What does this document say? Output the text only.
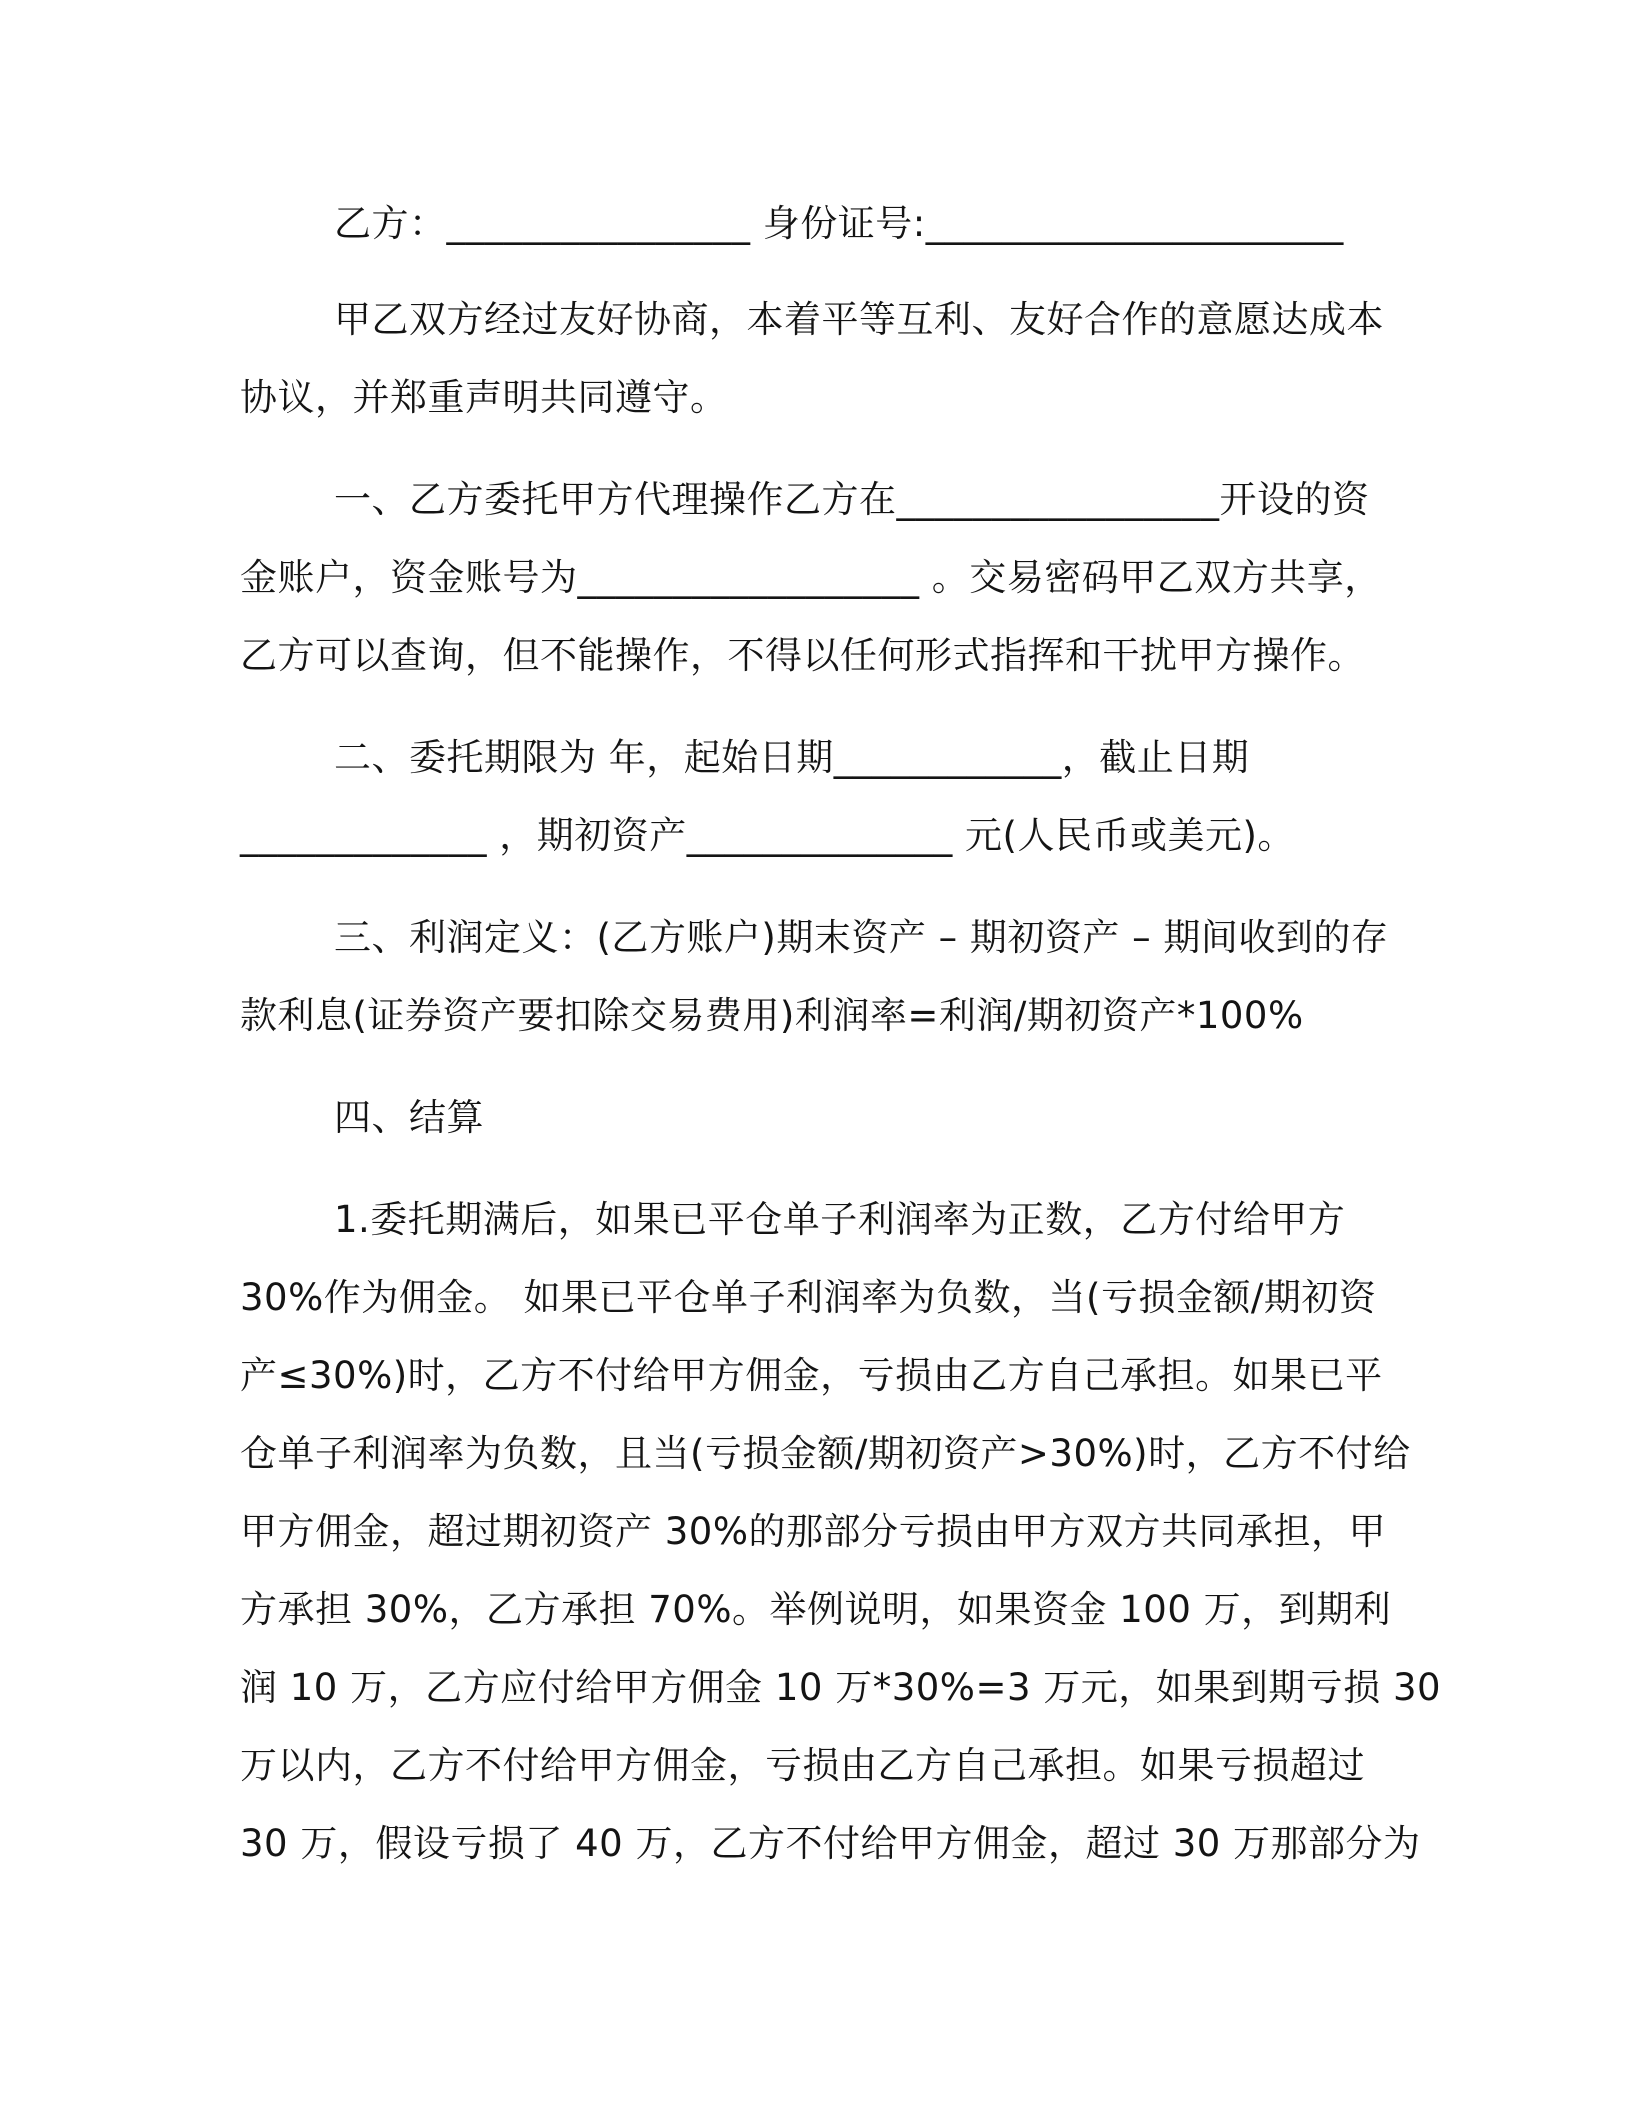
乙方：________________ 身份证号:______________________
甲乙双方经过友好协商，本着平等互利、友好合作的意愿达成本
协议，并郑重声明共同遵守。
一、乙方委托甲方代理操作乙方在_________________开设的资
金账户，资金账号为__________________ 。交易密码甲乙双方共享，
乙方可以查询，但不能操作，不得以任何形式指挥和干扰甲方操作。
二、委托期限为 年，起始日期____________，截止日期
_____________ ，期初资产______________ 元(人民币或美元)。
三、利润定义：(乙方账户)期末资产 – 期初资产 – 期间收到的存
款利息(证券资产要扣除交易费用)利润率=利润/期初资产*100%
四、结算
1.委托期满后，如果已平仓单子利润率为正数，乙方付给甲方
30%作为佣金。 如果已平仓单子利润率为负数，当(亏损金额/期初资
产≤30%)时，乙方不付给甲方佣金，亏损由乙方自己承担。如果已平
仓单子利润率为负数，且当(亏损金额/期初资产>30%)时，乙方不付给
甲方佣金，超过期初资产 30%的那部分亏损由甲方双方共同承担，甲
方承担 30%，乙方承担 70%。举例说明，如果资金 100 万，到期利
润 10 万，乙方应付给甲方佣金 10 万*30%=3 万元，如果到期亏损 30
万以内，乙方不付给甲方佣金，亏损由乙方自己承担。如果亏损超过
30 万，假设亏损了 40 万，乙方不付给甲方佣金，超过 30 万那部分为
